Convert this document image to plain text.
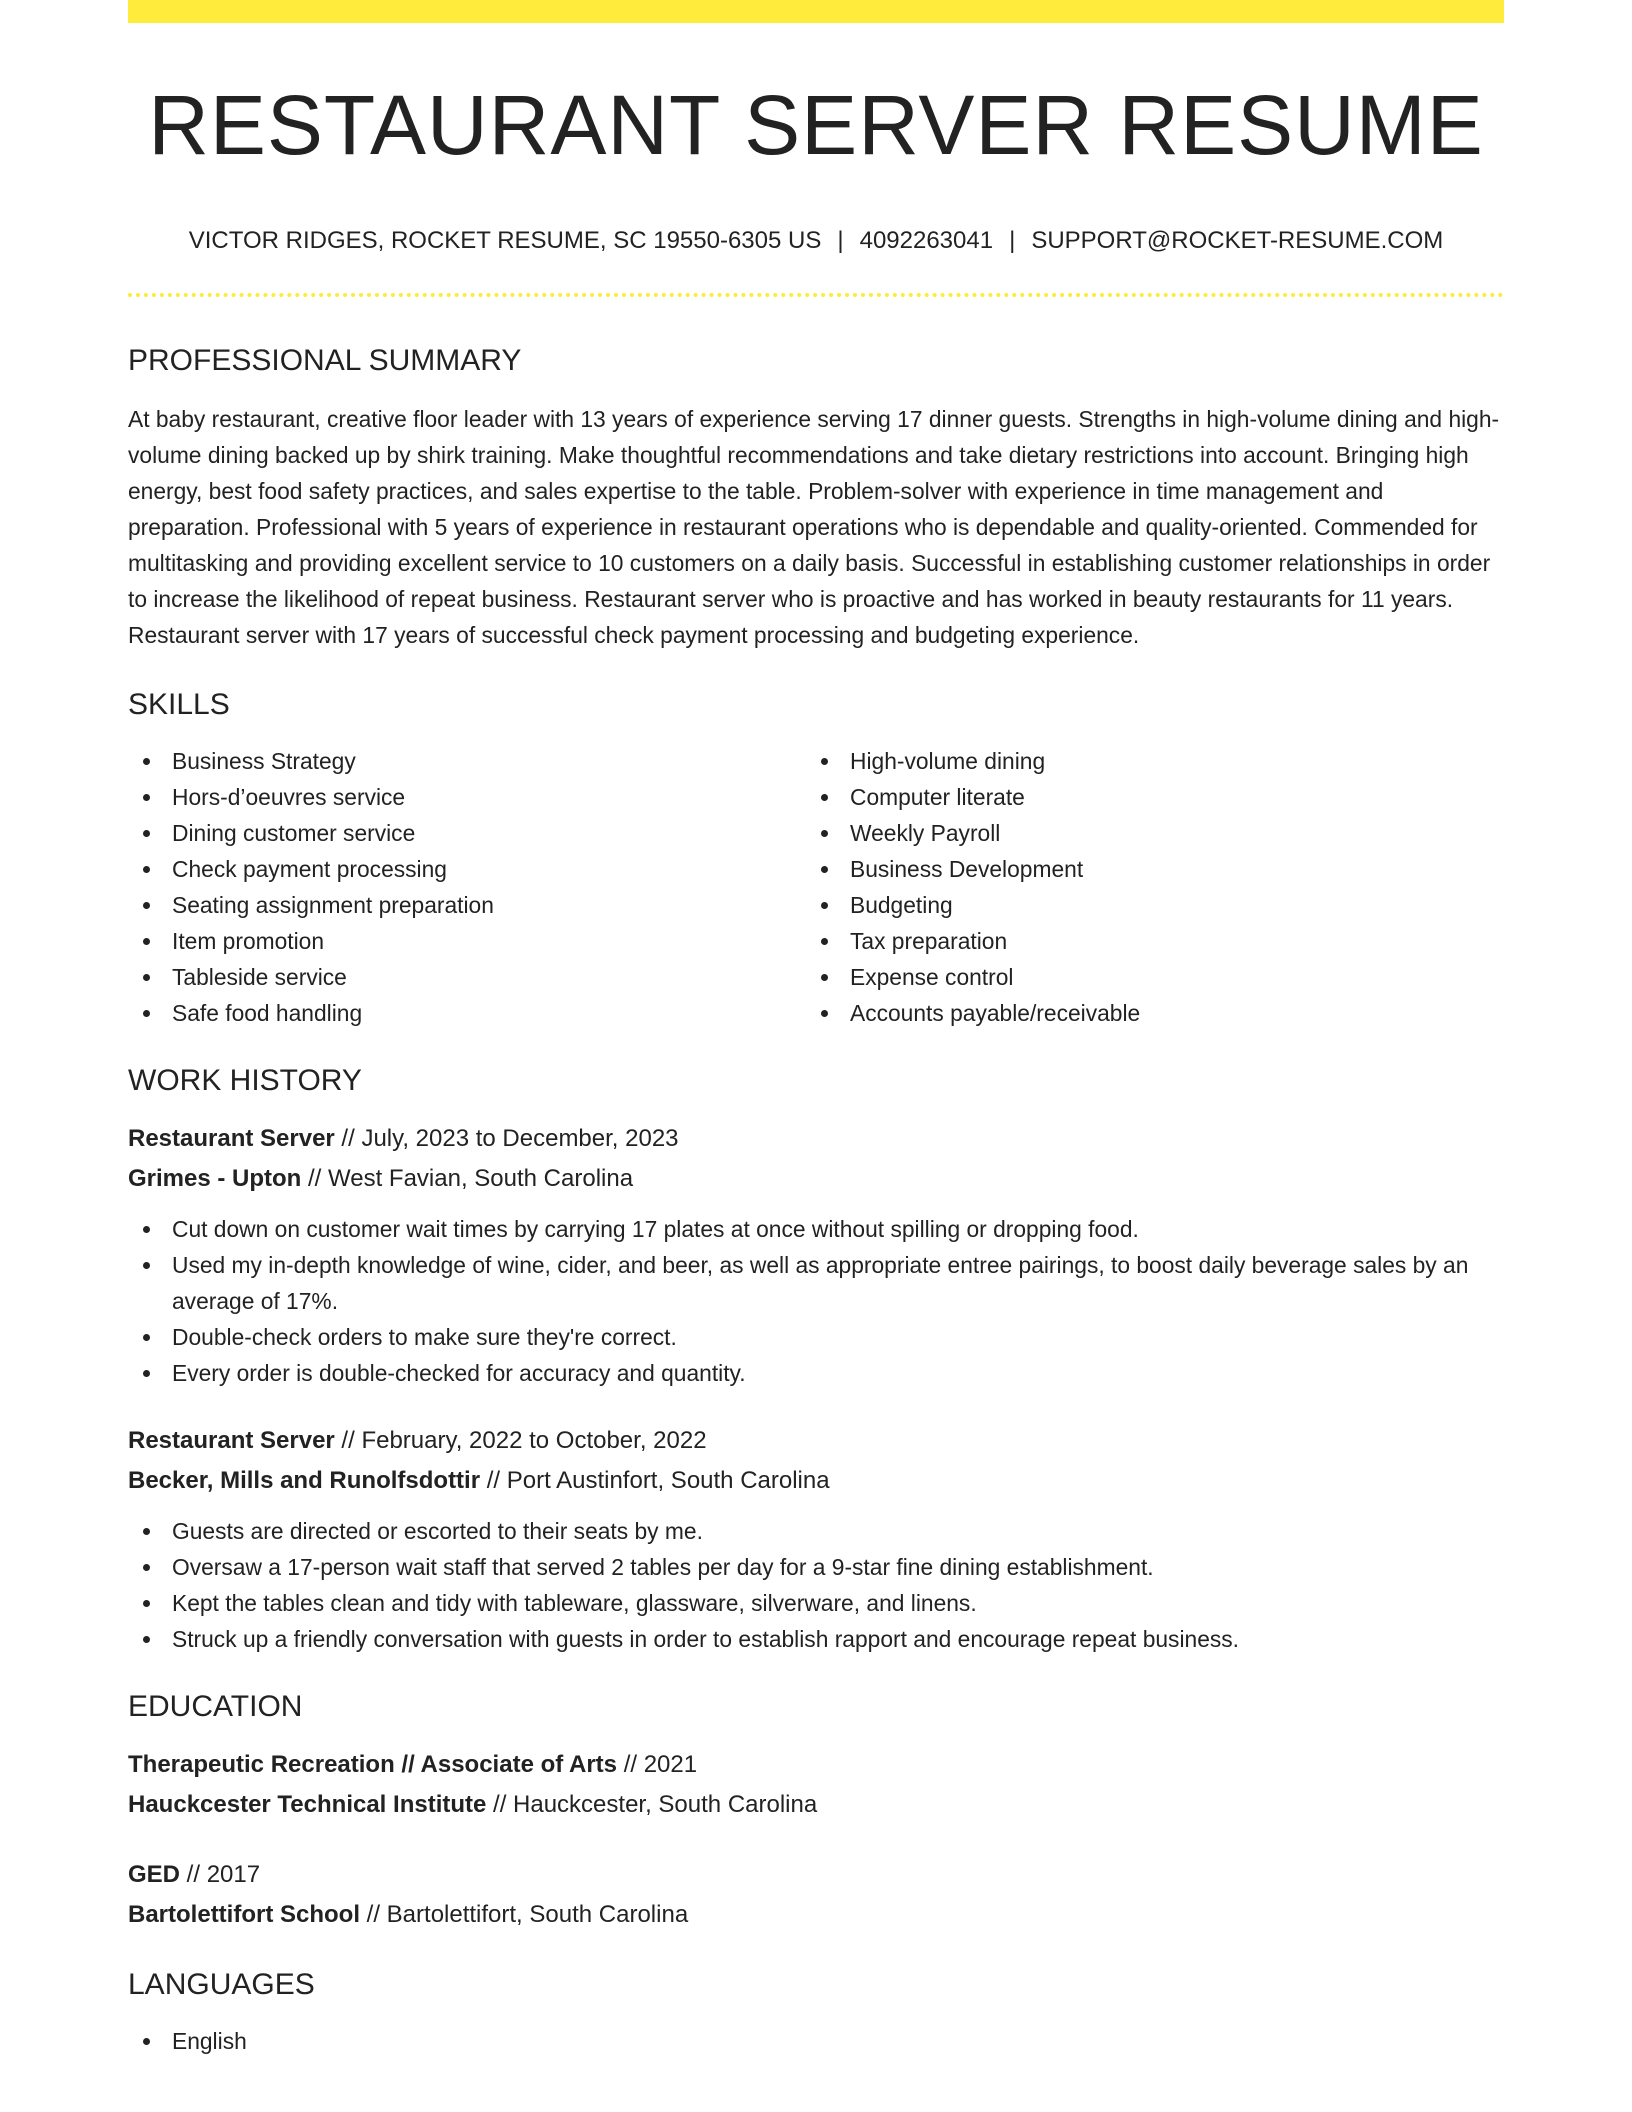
RESTAURANT SERVER RESUME
VICTOR RIDGES, ROCKET RESUME, SC 19550-6305 US | 4092263041 | SUPPORT@ROCKET-RESUME.COM
PROFESSIONAL SUMMARY

At baby restaurant, creative floor leader with 13 years of experience serving 17 dinner guests. Strengths in high-volume dining and high-volume dining backed up by shirk training. Make thoughtful recommendations and take dietary restrictions into account. Bringing high energy, best food safety practices, and sales expertise to the table. Problem-solver with experience in time management and preparation. Professional with 5 years of experience in restaurant operations who is dependable and quality-oriented. Commended for multitasking and providing excellent service to 10 customers on a daily basis. Successful in establishing customer relationships in order to increase the likelihood of repeat business. Restaurant server who is proactive and has worked in beauty restaurants for 11 years. Restaurant server with 17 years of successful check payment processing and budgeting experience.

SKILLS
Business Strategy
Hors-d’oeuvres service
Dining customer service
Check payment processing
Seating assignment preparation
Item promotion
Tableside service
Safe food handling
High-volume dining
Computer literate
Weekly Payroll
Business Development
Budgeting
Tax preparation
Expense control
Accounts payable/receivable
WORK HISTORY
Restaurant Server // July, 2023 to December, 2023
Grimes - Upton // West Favian, South Carolina
Cut down on customer wait times by carrying 17 plates at once without spilling or dropping food.
Used my in-depth knowledge of wine, cider, and beer, as well as appropriate entree pairings, to boost daily beverage sales by an average of 17%.
Double-check orders to make sure they're correct.
Every order is double-checked for accuracy and quantity.
Restaurant Server // February, 2022 to October, 2022
Becker, Mills and Runolfsdottir // Port Austinfort, South Carolina
Guests are directed or escorted to their seats by me.
Oversaw a 17-person wait staff that served 2 tables per day for a 9-star fine dining establishment.
Kept the tables clean and tidy with tableware, glassware, silverware, and linens.
Struck up a friendly conversation with guests in order to establish rapport and encourage repeat business.
EDUCATION
Therapeutic Recreation // Associate of Arts // 2021
Hauckcester Technical Institute // Hauckcester, South Carolina
GED // 2017
Bartolettifort School // Bartolettifort, South Carolina
LANGUAGES
English
